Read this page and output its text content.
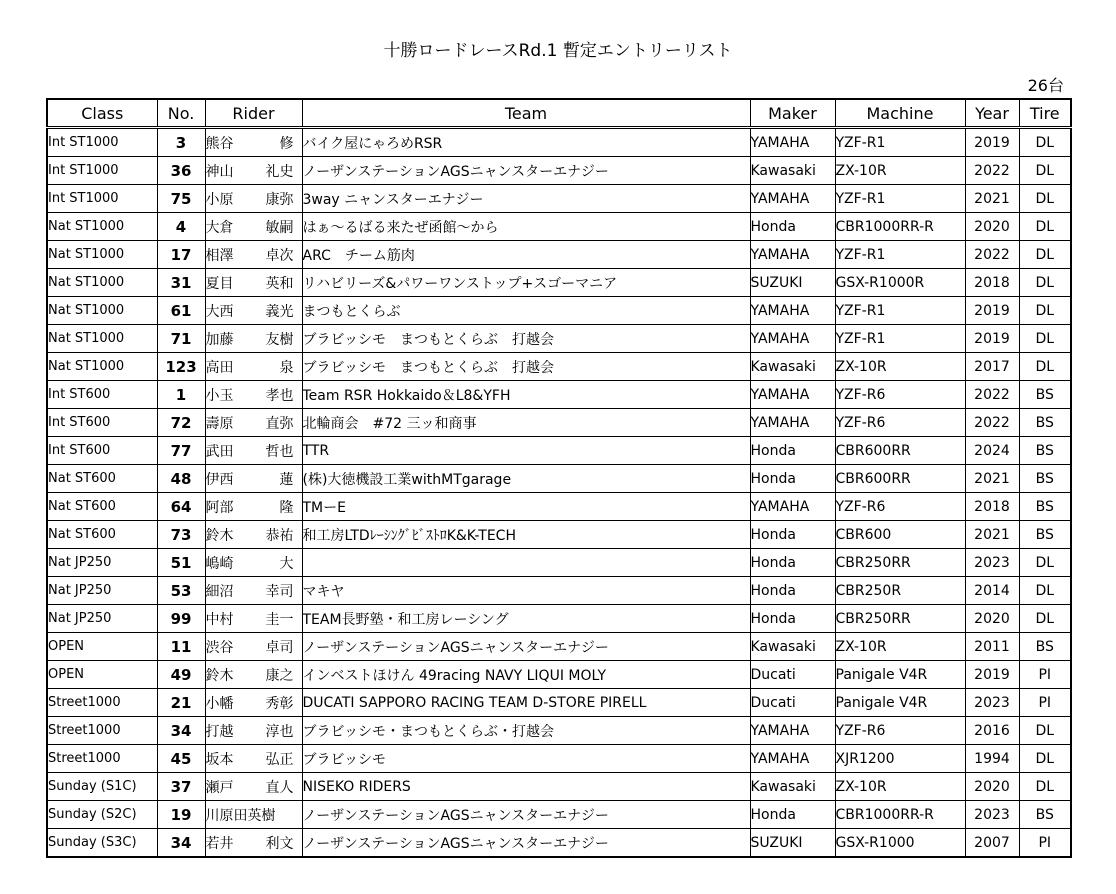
十勝ロードレースRd.1 暫定エントリーリスト
26台
Class	No.	Rider	Team	Maker	Machine	Year	Tire
Int ST1000	3	熊谷 修	バイク屋にゃろめRSR	YAMAHA	YZF-R1	2019	DL
Int ST1000	36	神山 礼史	ノーザンステーションAGSニャンスターエナジー	Kawasaki	ZX-10R	2022	DL
Int ST1000	75	小原 康弥	3way ニャンスターエナジー	YAMAHA	YZF-R1	2021	DL
Nat ST1000	4	大倉 敏嗣	はぁ～るばる来たぜ函館～から	Honda	CBR1000RR-R	2020	DL
Nat ST1000	17	相澤 卓次	ARC　チーム筋肉	YAMAHA	YZF-R1	2022	DL
Nat ST1000	31	夏目 英和	リハビリーズ&パワーワンストップ+スゴーマニア	SUZUKI	GSX-R1000R	2018	DL
Nat ST1000	61	大西 義光	まつもとくらぶ	YAMAHA	YZF-R1	2019	DL
Nat ST1000	71	加藤 友樹	ブラビッシモ　まつもとくらぶ　打越会	YAMAHA	YZF-R1	2019	DL
Nat ST1000	123	高田 泉	ブラビッシモ　まつもとくらぶ　打越会	Kawasaki	ZX-10R	2017	DL
Int ST600	1	小玉 孝也	Team RSR Hokkaido＆L8&YFH	YAMAHA	YZF-R6	2022	BS
Int ST600	72	壽原 直弥	北輪商会　#72 三ッ和商事	YAMAHA	YZF-R6	2022	BS
Int ST600	77	武田 哲也	TTR	Honda	CBR600RR	2024	BS
Nat ST600	48	伊西 蓮	(株)大徳機設工業withMTgarage	Honda	CBR600RR	2021	BS
Nat ST600	64	阿部 隆	TMーE	YAMAHA	YZF-R6	2018	BS
Nat ST600	73	鈴木 恭祐	和工房LTDﾚｰｼﾝｸﾞﾋﾞｽﾄﾛK&K-TECH	Honda	CBR600	2021	BS
Nat JP250	51	嶋崎 大		Honda	CBR250RR	2023	DL
Nat JP250	53	細沼 幸司	マキヤ	Honda	CBR250R	2014	DL
Nat JP250	99	中村 圭一	TEAM長野塾・和工房レーシング	Honda	CBR250RR	2020	DL
OPEN	11	渋谷 卓司	ノーザンステーションAGSニャンスターエナジー	Kawasaki	ZX-10R	2011	BS
OPEN	49	鈴木 康之	インベストほけん 49racing NAVY LIQUI MOLY	Ducati	Panigale V4R	2019	PI
Street1000	21	小幡 秀彰	DUCATI SAPPORO RACING TEAM D-STORE PIRELL	Ducati	Panigale V4R	2023	PI
Street1000	34	打越 淳也	ブラビッシモ・まつもとくらぶ・打越会	YAMAHA	YZF-R6	2016	DL
Street1000	45	坂本 弘正	ブラビッシモ	YAMAHA	XJR1200	1994	DL
Sunday (S1C)	37	瀬戸 直人	NISEKO RIDERS	Kawasaki	ZX-10R	2020	DL
Sunday (S2C)	19	川原田英樹	ノーザンステーションAGSニャンスターエナジー	Honda	CBR1000RR-R	2023	BS
Sunday (S3C)	34	若井 利文	ノーザンステーションAGSニャンスターエナジー	SUZUKI	GSX-R1000	2007	PI
